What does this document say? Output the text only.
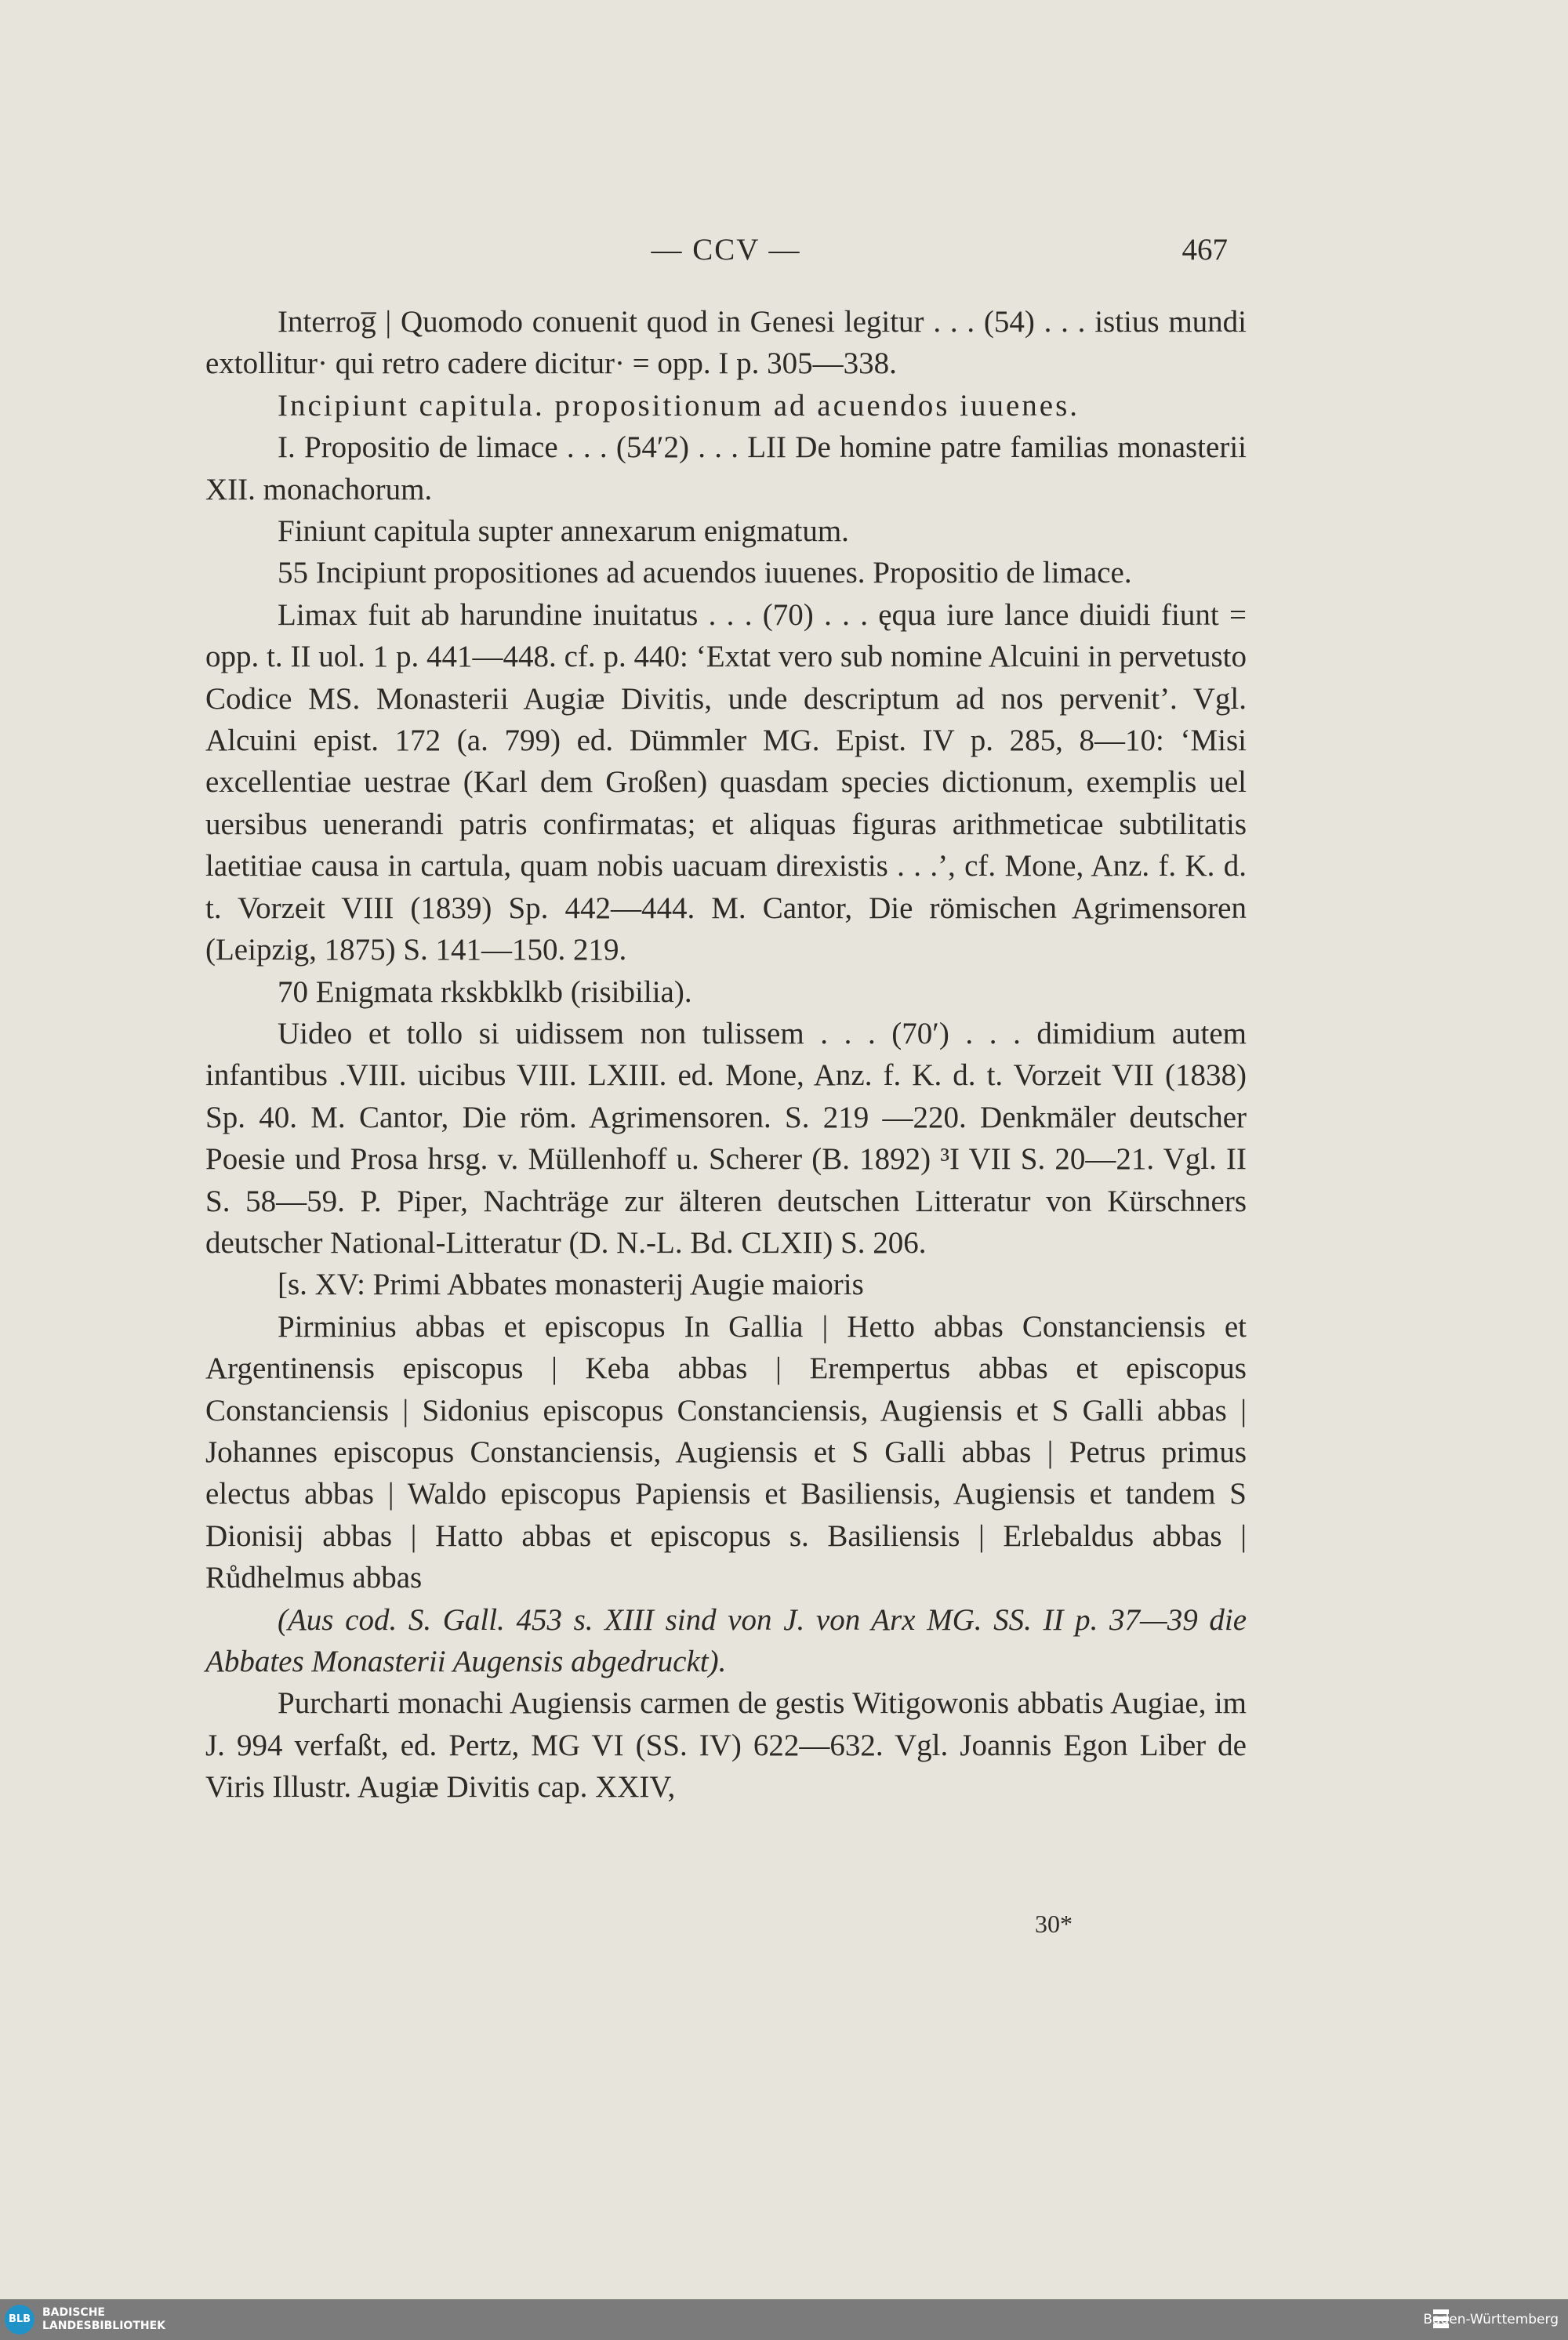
— CCV —	467

Interrog̅ | Quomodo conuenit quod in Genesi legitur . . . (54) . . . istius mundi extollitur· qui retro cadere dicitur· = opp. I p. 305—338.

Incipiunt capitula. propositionum ad acuendos iuuenes.

I. Propositio de limace . . . (54′2) . . . LII De homine patre familias monasterii XII. monachorum.

Finiunt capitula supter annexarum enigmatum.

55 Incipiunt propositiones ad acuendos iuuenes. Propositio de limace.

Limax fuit ab harundine inuitatus . . . (70) . . . ęqua iure lance diuidi fiunt = opp. t. II uol. 1 p. 441—448. cf. p. 440: ‘Extat vero sub nomine Alcuini in pervetusto Codice MS. Monasterii Augiæ Divitis, unde descriptum ad nos pervenit’. Vgl. Alcuini epist. 172 (a. 799) ed. Dümmler MG. Epist. IV p. 285, 8—10: ‘Misi excellentiae uestrae (Karl dem Großen) quasdam species dictionum, exemplis uel uersibus uenerandi patris confirmatas; et aliquas figuras arithmeticae subtilitatis laetitiae causa in cartula, quam nobis uacuam direxistis . . .’, cf. Mone, Anz. f. K. d. t. Vorzeit VIII (1839) Sp. 442—444. M. Cantor, Die römischen Agrimensoren (Leipzig, 1875) S. 141—150. 219.

70 Enigmata rkskbklkb (risibilia).

Uideo et tollo si uidissem non tulissem . . . (70′) . . . dimidium autem infantibus .VIII. uicibus VIII. LXIII. ed. Mone, Anz. f. K. d. t. Vorzeit VII (1838) Sp. 40. M. Cantor, Die röm. Agrimensoren. S. 219 —220. Denkmäler deutscher Poesie und Prosa hrsg. v. Müllenhoff u. Scherer (B. 1892) ³I VII S. 20—21. Vgl. II S. 58—59. P. Piper, Nachträge zur älteren deutschen Litteratur von Kürschners deutscher National-Litteratur (D. N.-L. Bd. CLXII) S. 206.

[s. XV: Primi Abbates monasterij Augie maioris

Pirminius abbas et episcopus In Gallia | Hetto abbas Constanciensis et Argentinensis episcopus | Keba abbas | Erempertus abbas et episcopus Constanciensis | Sidonius episcopus Constanciensis, Augiensis et S Galli abbas | Johannes episcopus Constanciensis, Augiensis et S Galli abbas | Petrus primus electus abbas | Waldo episcopus Papiensis et Basiliensis, Augiensis et tandem S Dionisij abbas | Hatto abbas et episcopus s. Basiliensis | Erlebaldus abbas | Růdhelmus abbas

(Aus cod. S. Gall. 453 s. XIII sind von J. von Arx MG. SS. II p. 37—39 die Abbates Monasterii Augensis abgedruckt).

Purcharti monachi Augiensis carmen de gestis Witigowonis abbatis Augiae, im J. 994 verfaßt, ed. Pertz, MG VI (SS. IV) 622—632. Vgl. Joannis Egon Liber de Viris Illustr. Augiæ Divitis cap. XXIV,

30*
BLB
BADISCHE
LANDESBIBLIOTHEK	Baden-Württemberg
